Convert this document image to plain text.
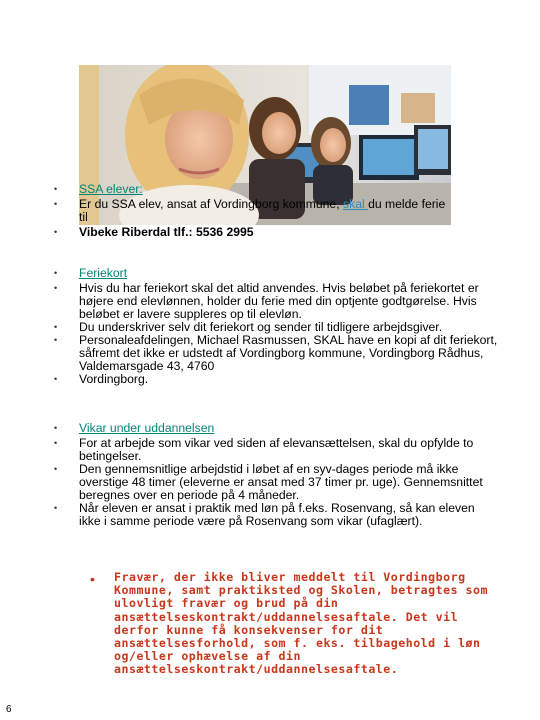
• SSA elever:
• Er du SSA elev, ansat af Vordingborg kommune, skal du melde ferie
til
• Vibeke Riberdal tlf.: 5536 2995
• Feriekort
• Hvis du har feriekort skal det altid anvendes. Hvis beløbet på feriekortet er højere end elevlønnen, holder du ferie med din optjente godtgørelse. Hvis beløbet er lavere suppleres op til elevløn.
• Du underskriver selv dit feriekort og sender til tidligere arbejdsgiver.
• Personaleafdelingen, Michael Rasmussen, SKAL have en kopi af dit feriekort, såfremt det ikke er udstedt af Vordingborg kommune, Vordingborg Rådhus, Valdemarsgade 43, 4760
• Vordingborg.
• Vikar under uddannelsen
• For at arbejde som vikar ved siden af elevansættelsen, skal du opfylde to betingelser.
• Den gennemsnitlige arbejdstid i løbet af en syv-dages periode må ikke overstige 48 timer (eleverne er ansat med 37 timer pr. uge). Gennemsnittet beregnes over en periode på 4 måneder.
• Når eleven er ansat i praktik med løn på f.eks. Rosenvang, så kan eleven ikke i samme periode være på Rosenvang som vikar (ufaglært).
• Fravær, der ikke bliver meddelt til Vordingborg Kommune, samt praktiksted og Skolen, betragtes som ulovligt fravær og brud på din ansættelseskontrakt/uddannelsesaftale. Det vil derfor kunne få konsekvenser for dit ansættelsesforhold, som f. eks. tilbagehold i løn og/eller ophævelse af din ansættelseskontrakt/uddannelsesaftale.
6
